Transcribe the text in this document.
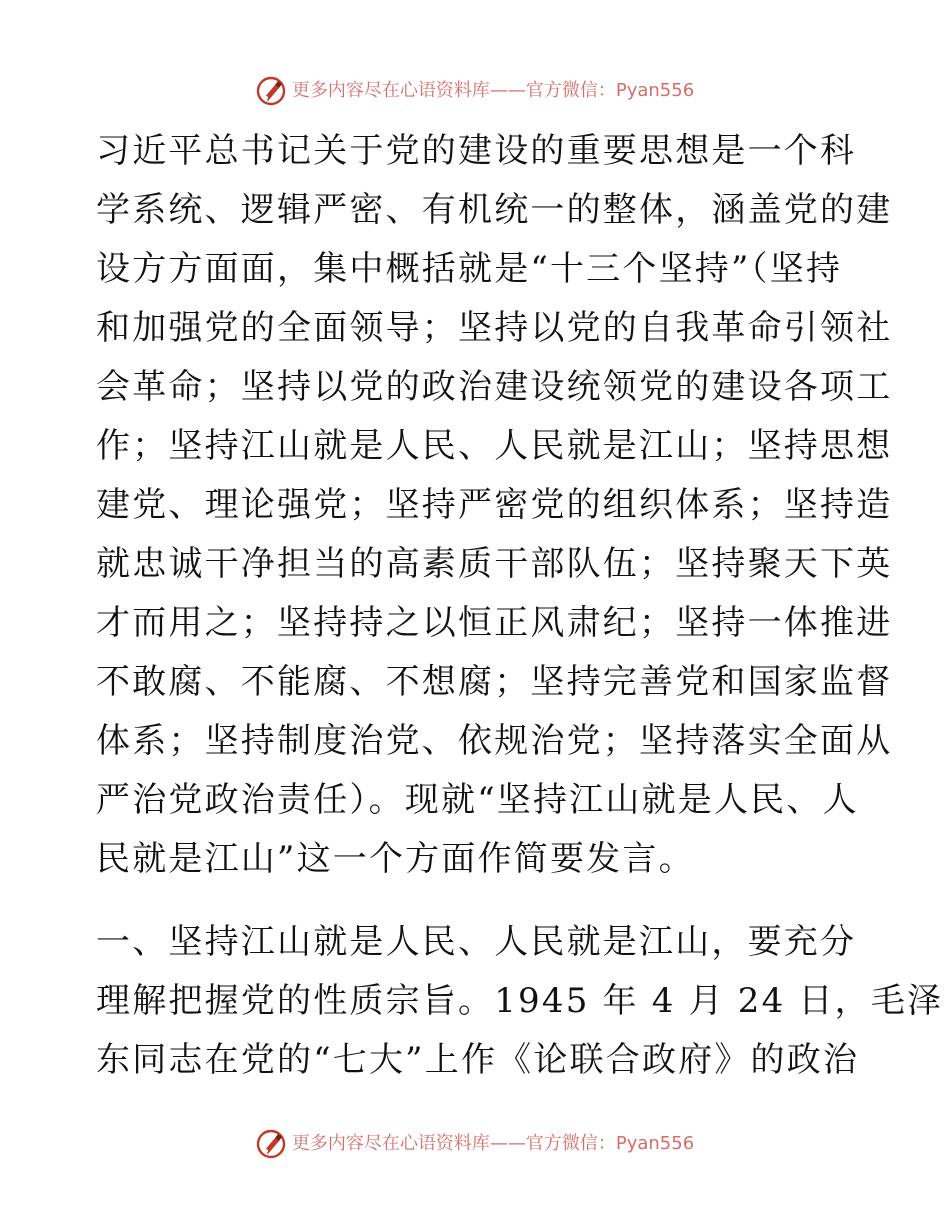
更多内容尽在心语资料库 —— 官方微信： Pyan556
习近平总书记关于党的建设的重要思想是一个科
学系统、逻辑严密、有机统一的整体，涵盖党的建
设方方面面，集中概括就是“十三个坚持”（坚持
和加强党的全面领导；坚持以党的自我革命引领社
会革命；坚持以党的政治建设统领党的建设各项工
作；坚持江山就是人民、人民就是江山；坚持思想
建党、理论强党；坚持严密党的组织体系；坚持造
就忠诚干净担当的高素质干部队伍；坚持聚天下英
才而用之；坚持持之以恒正风肃纪；坚持一体推进
不敢腐、不能腐、不想腐；坚持完善党和国家监督
体系；坚持制度治党、依规治党；坚持落实全面从
严治党政治责任）。现就“坚持江山就是人民、人
民就是江山”这一个方面作简要发言。
一、坚持江山就是人民、人民就是江山，要充分
理解把握党的性质宗旨。1945 年 4 月 24 日，毛泽
东同志在党的“七大”上作《论联合政府》的政治
更多内容尽在心语资料库 —— 官方微信： Pyan556
